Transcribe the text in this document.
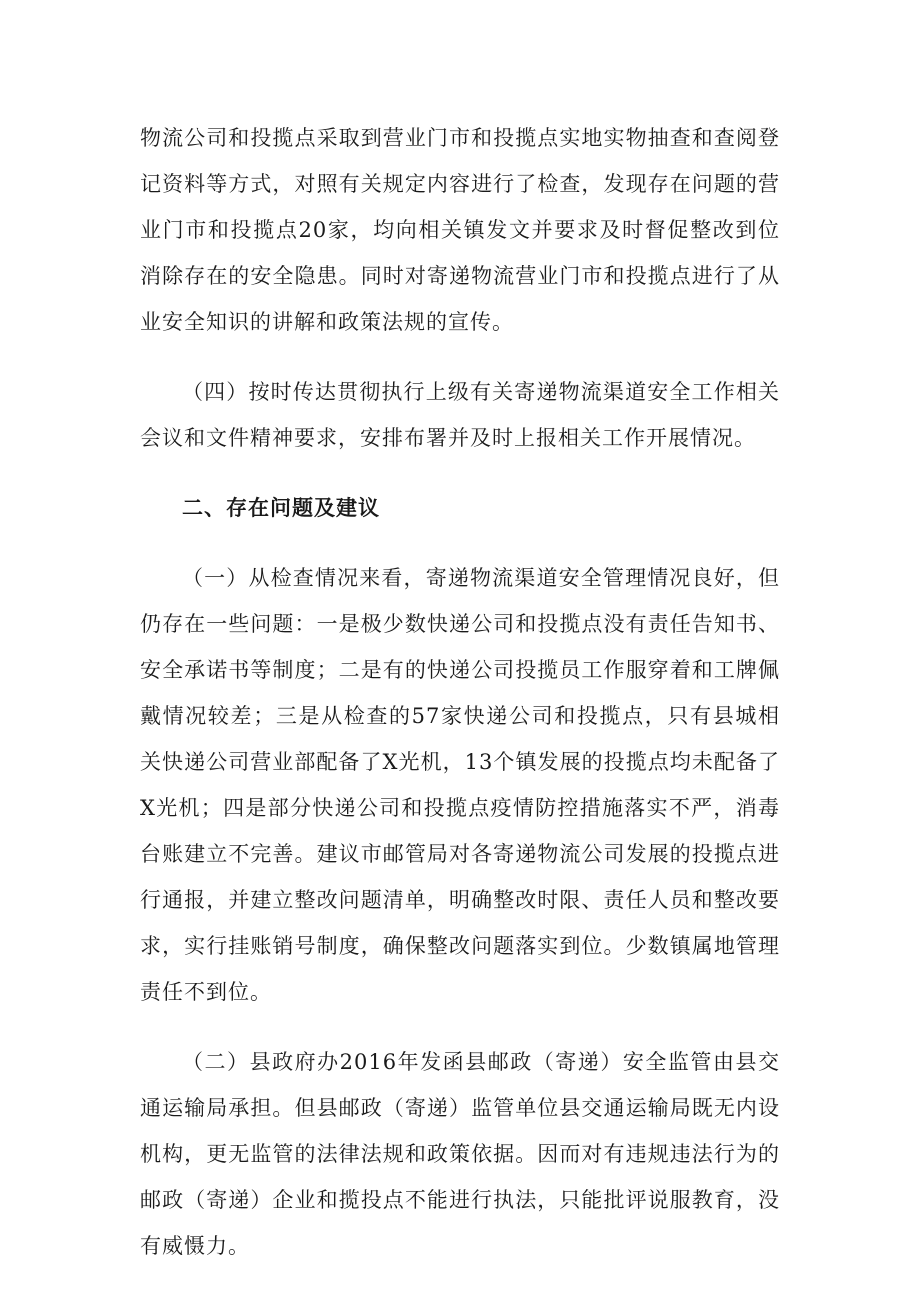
物流公司和投揽点采取到营业门市和投揽点实地实物抽查和查阅登记资料等方式，对照有关规定内容进行了检查，发现存在问题的营业门市和投揽点20家，均向相关镇发文并要求及时督促整改到位消除存在的安全隐患。同时对寄递物流营业门市和投揽点进行了从业安全知识的讲解和政策法规的宣传。

（四）按时传达贯彻执行上级有关寄递物流渠道安全工作相关会议和文件精神要求，安排布署并及时上报相关工作开展情况。

二、存在问题及建议

（一）从检查情况来看，寄递物流渠道安全管理情况良好，但仍存在一些问题：一是极少数快递公司和投揽点没有责任告知书、安全承诺书等制度；二是有的快递公司投揽员工作服穿着和工牌佩戴情况较差；三是从检查的57家快递公司和投揽点，只有县城相关快递公司营业部配备了X光机，13个镇发展的投揽点均未配备了X光机；四是部分快递公司和投揽点疫情防控措施落实不严，消毒台账建立不完善。建议市邮管局对各寄递物流公司发展的投揽点进行通报，并建立整改问题清单，明确整改时限、责任人员和整改要求，实行挂账销号制度，确保整改问题落实到位。少数镇属地管理责任不到位。

（二）县政府办2016年发函县邮政（寄递）安全监管由县交通运输局承担。但县邮政（寄递）监管单位县交通运输局既无内设机构，更无监管的法律法规和政策依据。因而对有违规违法行为的邮政（寄递）企业和揽投点不能进行执法，只能批评说服教育，没有威慑力。
